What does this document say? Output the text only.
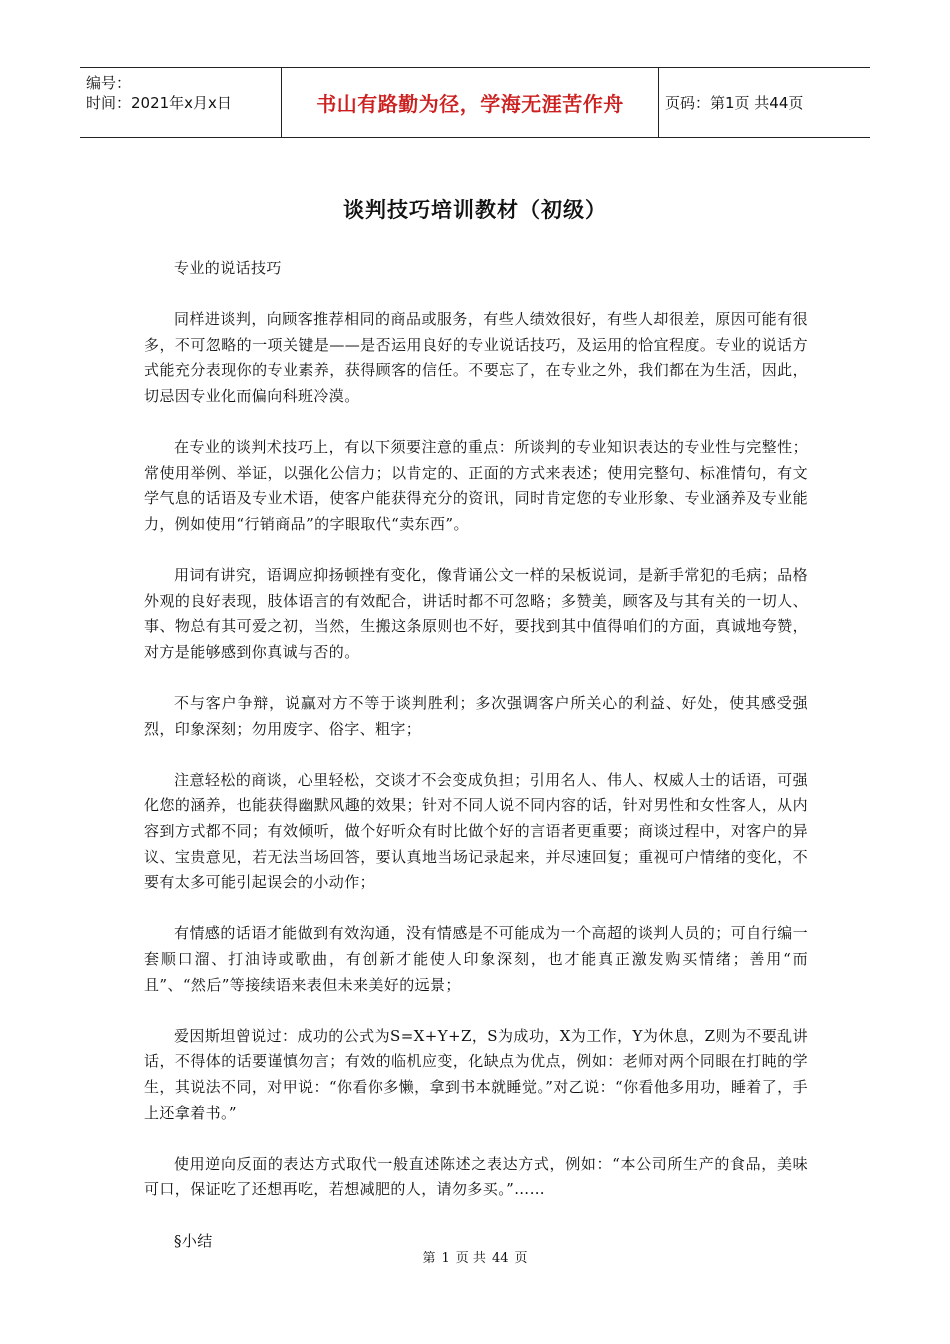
编号：
时间：2021年x月x日	书山有路勤为径，学海无涯苦作舟	页码：第1页 共44页
谈判技巧培训教材（初级）

专业的说话技巧

同样进谈判，向顾客推荐相同的商品或服务，有些人绩效很好，有些人却很差，原因可能有很多，不可忽略的一项关键是——是否运用良好的专业说话技巧，及运用的恰宜程度。专业的说话方式能充分表现你的专业素养，获得顾客的信任。不要忘了，在专业之外，我们都在为生活，因此，切忌因专业化而偏向科班冷漠。

在专业的谈判术技巧上，有以下须要注意的重点：所谈判的专业知识表达的专业性与完整性；常使用举例、举证，以强化公信力；以肯定的、正面的方式来表述；使用完整句、标准情句，有文学气息的话语及专业术语，使客户能获得充分的资讯，同时肯定您的专业形象、专业涵养及专业能力，例如使用“行销商品”的字眼取代“卖东西”。

用词有讲究，语调应抑扬顿挫有变化，像背诵公文一样的呆板说词，是新手常犯的毛病；品格外观的良好表现，肢体语言的有效配合，讲话时都不可忽略；多赞美，顾客及与其有关的一切人、事、物总有其可爱之初，当然，生搬这条原则也不好，要找到其中值得咱们的方面，真诚地夸赞，对方是能够感到你真诚与否的。

不与客户争辩，说赢对方不等于谈判胜利；多次强调客户所关心的利益、好处，使其感受强烈，印象深刻；勿用废字、俗字、粗字；

注意轻松的商谈，心里轻松，交谈才不会变成负担；引用名人、伟人、权威人士的话语，可强化您的涵养，也能获得幽默风趣的效果；针对不同人说不同内容的话，针对男性和女性客人，从内容到方式都不同；有效倾听，做个好听众有时比做个好的言语者更重要；商谈过程中，对客户的异议、宝贵意见，若无法当场回答，要认真地当场记录起来，并尽速回复；重视可户情绪的变化，不要有太多可能引起误会的小动作；

有情感的话语才能做到有效沟通，没有情感是不可能成为一个高超的谈判人员的；可自行编一套顺口溜、打油诗或歌曲，有创新才能使人印象深刻，也才能真正激发购买情绪；善用“而且”、“然后”等接续语来表但未来美好的远景；

爱因斯坦曾说过：成功的公式为S=X+Y+Z，S为成功，X为工作，Y为休息，Z则为不要乱讲话，不得体的话要谨慎勿言；有效的临机应变，化缺点为优点，例如：老师对两个同眼在打盹的学生，其说法不同，对甲说：“你看你多懒，拿到书本就睡觉。”对乙说：“你看他多用功，睡着了，手上还拿着书。”

使用逆向反面的表达方式取代一般直述陈述之表达方式，例如：“本公司所生产的食品，美味可口，保证吃了还想再吃，若想减肥的人，请勿多买。”……

§小结

第 1 页 共 44 页
